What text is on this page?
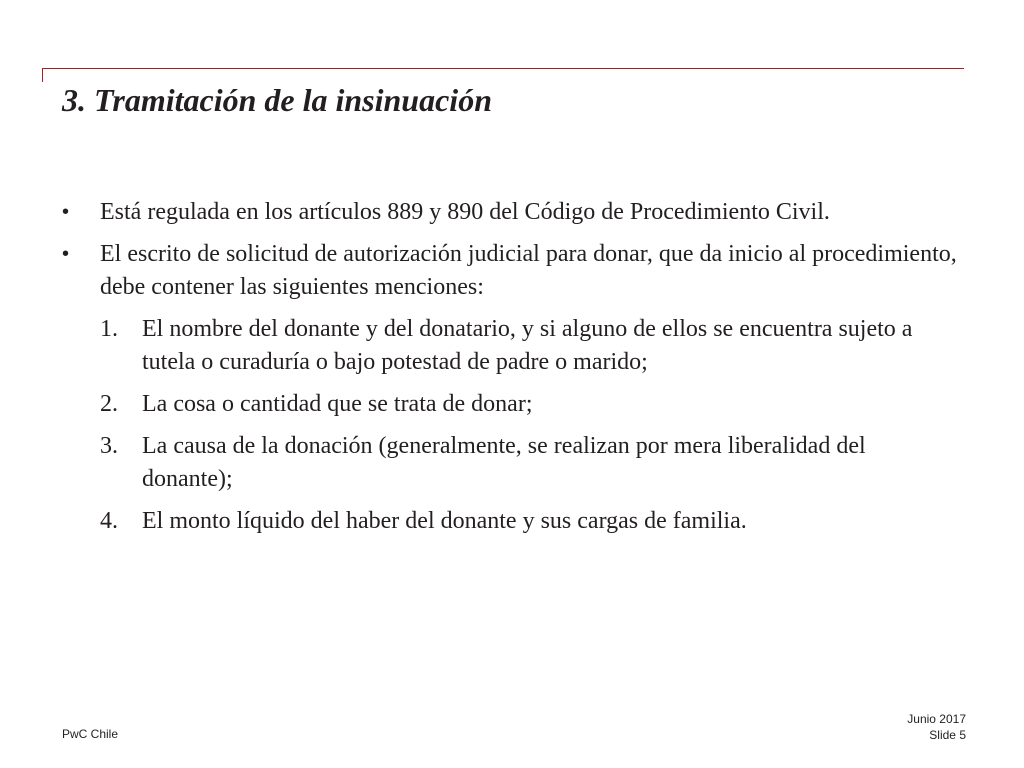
3. Tramitación de la insinuación
• Está regulada en los artículos 889 y 890 del Código de Procedimiento Civil.
• El escrito de solicitud de autorización judicial para donar, que da inicio al procedimiento, debe contener las siguientes menciones:
1. El nombre del donante y del donatario, y si alguno de ellos se encuentra sujeto a tutela o curaduría o bajo potestad de padre o marido;
2. La cosa o cantidad que se trata de donar;
3. La causa de la donación (generalmente, se realizan por mera liberalidad del donante);
4. El monto líquido del haber del donante y sus cargas de familia.
PwC Chile
Junio 2017
Slide 5
